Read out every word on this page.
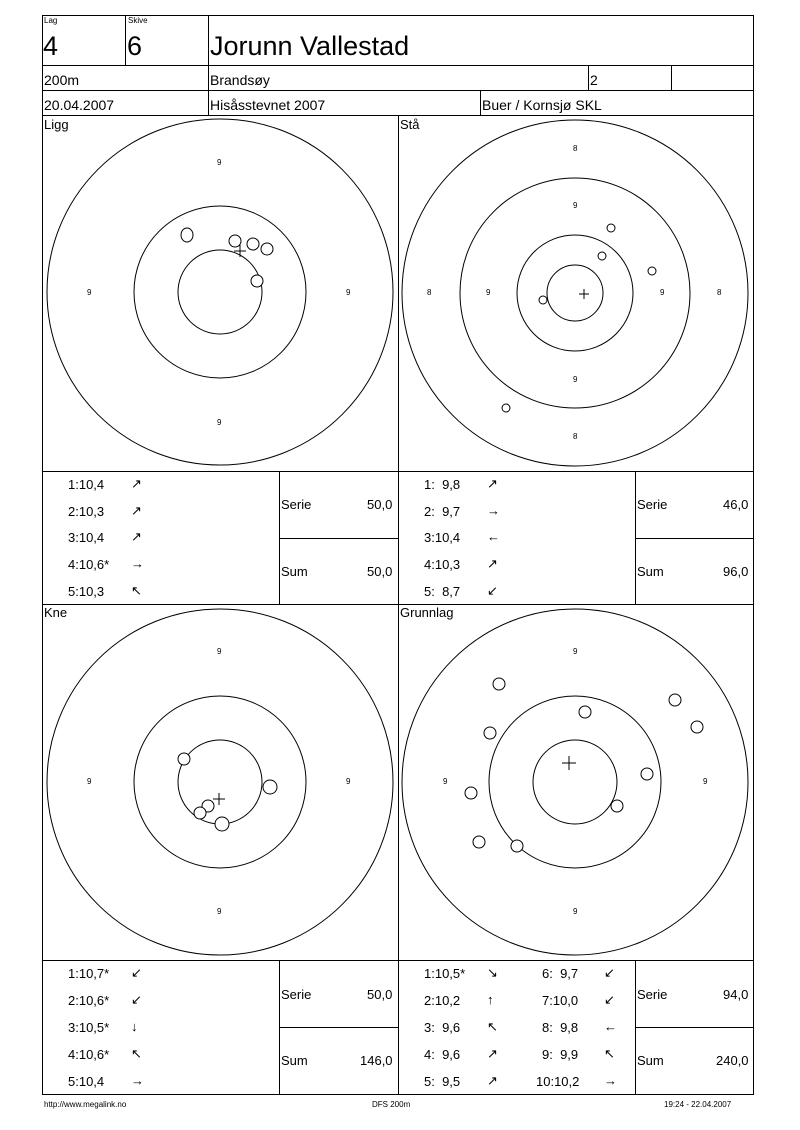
Lag
4
Skive
6	Jorunn Vallestad
200m	Brandsøy	2
20.04.2007	Hisåsstevnet 2007	Buer / Kornsjø SKL
Ligg	Stå
Kne	Grunnlag
9
9	9
9
8
9
8	9	9	8
9
8
9
9	9
9
9
9	9
9
1:10,4 ↗
2:10,3 ↗
3:10,4 ↗
4:10,6* →
5:10,3 ↖
Serie	50,0
Sum	50,0
1:  9,8 ↗
2:  9,7 →
3:10,4 ←
4:10,3 ↗
5:  8,7 ↙
Serie	46,0
Sum	96,0
1:10,7* ↙
2:10,6* ↙
3:10,5* ↓
4:10,6* ↖
5:10,4 →
Serie	50,0
Sum	146,0
1:10,5* ↘
2:10,2 ↑
3:  9,6 ↖
4:  9,6 ↗
5:  9,5 ↗
6:  9,7 ↙
7:10,0 ↙
8:  9,8 ←
9:  9,9 ↖
10:10,2 →
Serie	94,0
Sum	240,0
http://www.megalink.no	DFS 200m	19:24 - 22.04.2007
